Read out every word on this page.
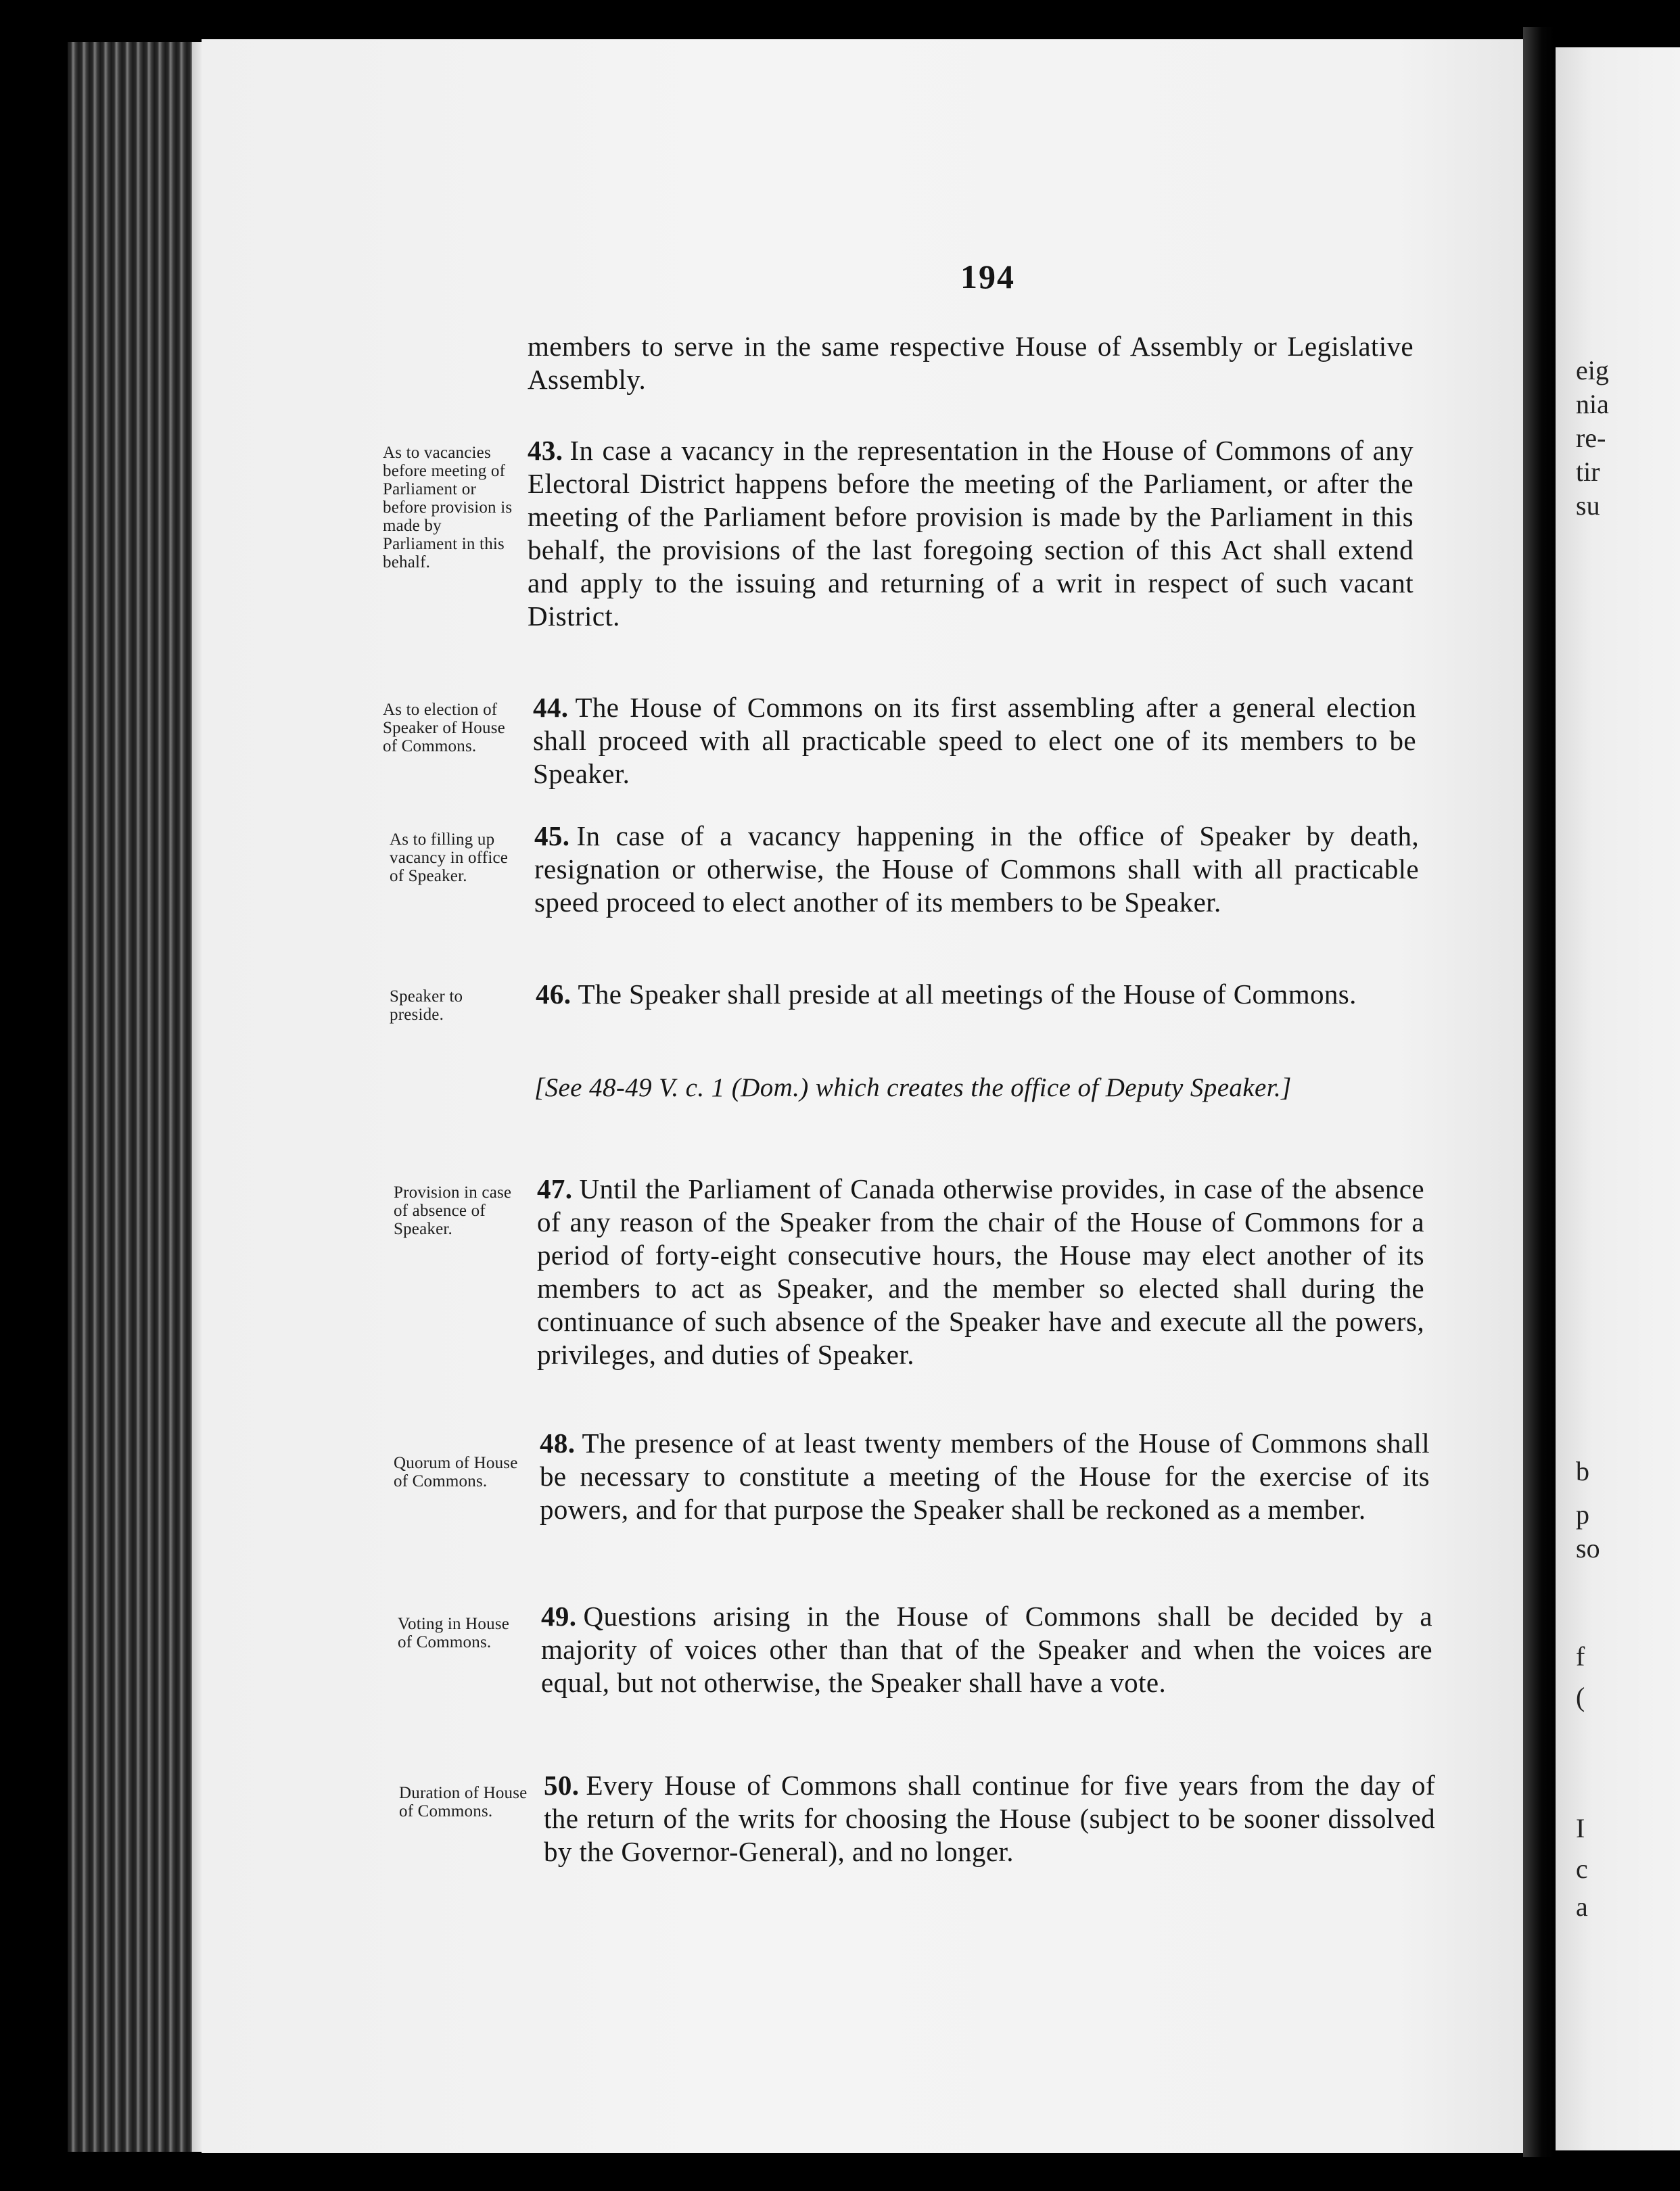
194
members to serve in the same respective House of Assembly or Legislative Assembly.
As to vacancies before meeting of Parliament or before provision is made by Parliament in this behalf.
43. In case a vacancy in the representation in the House of Commons of any Electoral District happens before the meeting of the Parliament, or after the meeting of the Parliament before provision is made by the Parliament in this behalf, the provisions of the last foregoing section of this Act shall extend and apply to the issuing and returning of a writ in respect of such vacant District.
As to election of Speaker of House of Commons.
44. The House of Commons on its first assembling after a general election shall proceed with all practicable speed to elect one of its members to be Speaker.
As to filling up vacancy in office of Speaker.
45. In case of a vacancy happening in the office of Speaker by death, resignation or otherwise, the House of Commons shall with all practicable speed proceed to elect another of its members to be Speaker.
Speaker to preside.
46. The Speaker shall preside at all meetings of the House of Commons.
[See 48-49 V. c. 1 (Dom.) which creates the office of Deputy Speaker.]
Provision in case of absence of Speaker.
47. Until the Parliament of Canada otherwise provides, in case of the absence of any reason of the Speaker from the chair of the House of Commons for a period of forty-eight consecutive hours, the House may elect another of its members to act as Speaker, and the member so elected shall during the continuance of such absence of the Speaker have and execute all the powers, privileges, and duties of Speaker.
Quorum of House of Commons.
48. The presence of at least twenty members of the House of Commons shall be necessary to constitute a meeting of the House for the exercise of its powers, and for that purpose the Speaker shall be reckoned as a member.
Voting in House of Commons.
49. Questions arising in the House of Commons shall be decided by a majority of voices other than that of the Speaker and when the voices are equal, but not otherwise, the Speaker shall have a vote.
Duration of House of Commons.
50. Every House of Commons shall continue for five years from the day of the return of the writs for choosing the House (subject to be sooner dissolved by the Governor-General), and no longer.
eig
nia
re-
tir
su
b
p
so
f
(
I
c
a
